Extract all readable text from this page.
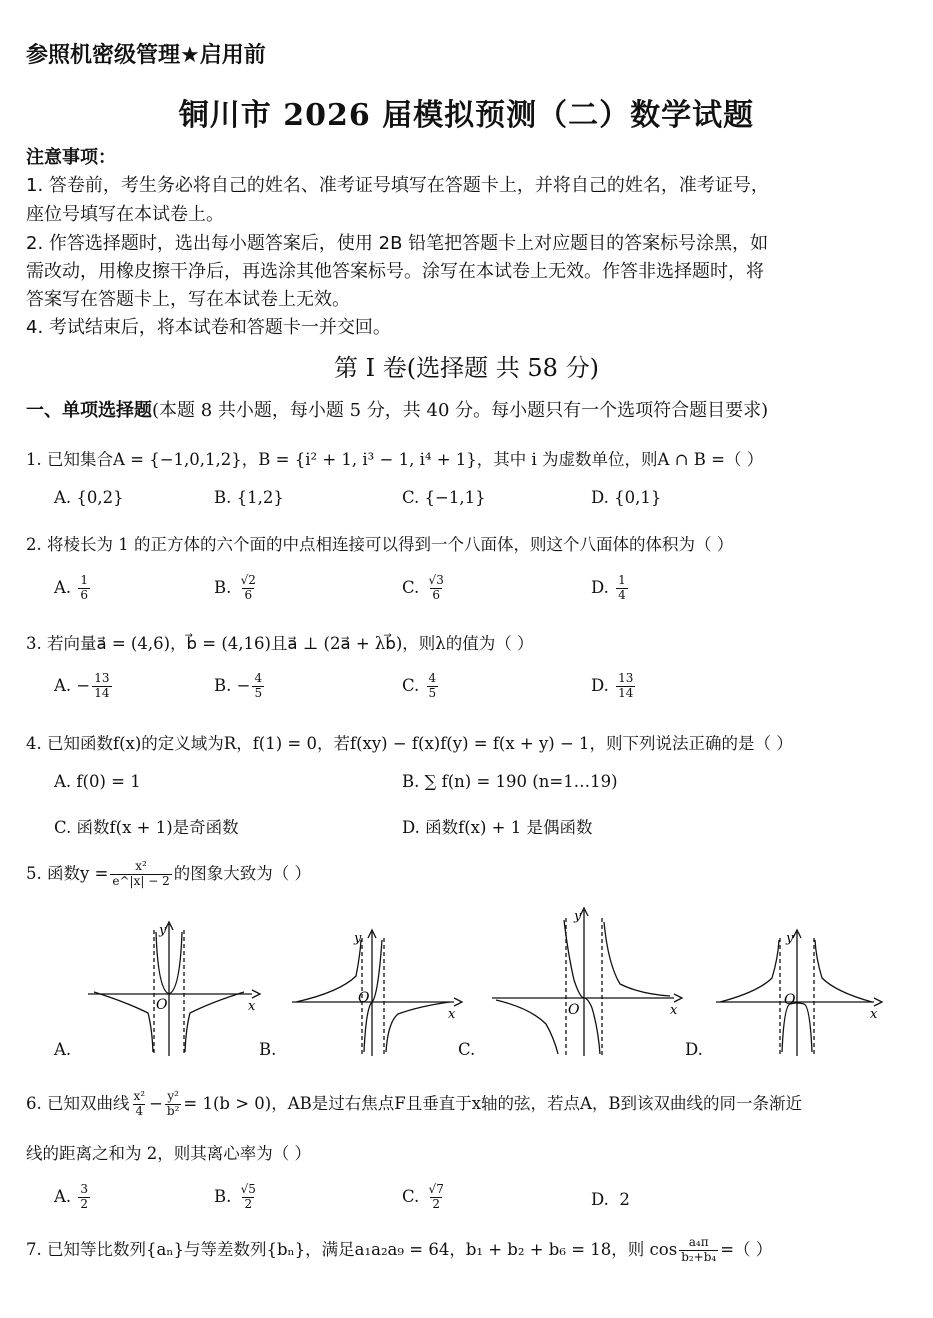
参照机密级管理★启用前
铜川市 2026 届模拟预测（二）数学试题
注意事项：
1. 答卷前，考生务必将自己的姓名、准考证号填写在答题卡上，并将自己的姓名，准考证号，
座位号填写在本试卷上。
2. 作答选择题时，选出每小题答案后，使用 2B 铅笔把答题卡上对应题目的答案标号涂黑，如
需改动，用橡皮擦干净后，再选涂其他答案标号。涂写在本试卷上无效。作答非选择题时，将
答案写在答题卡上，写在本试卷上无效。
4. 考试结束后，将本试卷和答题卡一并交回。
第 I 卷(选择题 共 58 分)
一、单项选择题(本题 8 共小题，每小题 5 分，共 40 分。每小题只有一个选项符合题目要求)
1. 已知集合A = {−1,0,1,2}，B = {i² + 1, i³ − 1, i⁴ + 1}，其中 i 为虚数单位，则A ∩ B =（ ）
A. {0,2}	B. {1,2}	C. {−1,1}	D. {0,1}
2. 将棱长为 1 的正方体的六个面的中点相连接可以得到一个八面体，则这个八面体的体积为（ ）
A. $\frac{1}{6}$	B. $\frac{√2}{6}$	C. $\frac{√3}{6}$	D. $\frac{1}{4}$
3. 若向量a⃗ = (4,6)，b⃗ = (4,16)且a⃗ ⊥ (2a⃗ + λb⃗)，则λ的值为（ ）
A. − $\frac{13}{14}$	B. − $\frac{4}{5}$	C. $\frac{4}{5}$	D. $\frac{13}{14}$
4. 已知函数f(x)的定义域为R，f(1) = 0，若f(xy) − f(x)f(y) = f(x + y) − 1，则下列说法正确的是（ ）
A. f(0) = 1	B. ∑ f(n) = 190 (n=1…19)
C. 函数f(x + 1)是奇函数	D. 函数f(x) + 1 是偶函数
5. 函数$y = \frac{\text{x²}}{e\^{}|x| - 2}$ 的图象大致为（ ）
y
O	x
A.
y
O
x
B.
y
O	x
C.
y
O
x
D.
6. 已知双曲线 $\frac{\text{x²}}{4} - \frac{\text{y²}}{\text{b²}} = 1(b > 0)$，AB是过右焦点F且垂直于x轴的弦，若点A，B到该双曲线的同一条渐近
线的距离之和为 2，则其离心率为（ ）
A. $\frac{3}{2}$	B. $\frac{√5}{2}$	C. $\frac{√7}{2}$	D. 2
7. 已知等比数列{aₙ}与等差数列{bₙ}，满足a₁a₂a₉ = 64，b₁ + b₂ + b₆ = 18，则 $\cos \frac{\text{a₄π}}{\text{b₂+b₄}}$ =（ ）
